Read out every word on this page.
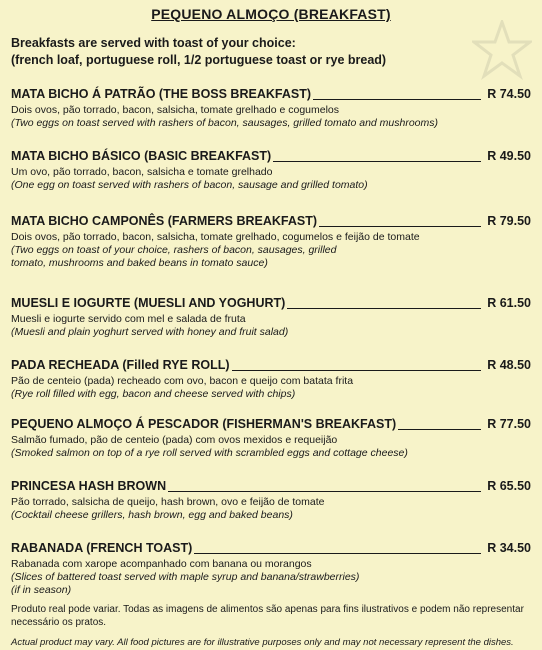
PEQUENO ALMOÇO (BREAKFAST)
Breakfasts are served with toast of your choice:
(french loaf, portuguese roll, 1/2 portuguese toast or rye bread)
MATA BICHO Á PATRÃO (THE BOSS BREAKFAST)	R 74.50
Dois ovos, pão torrado, bacon, salsicha, tomate grelhado e cogumelos
(Two eggs on toast served with rashers of bacon, sausages, grilled tomato and mushrooms)
MATA BICHO BÁSICO (BASIC BREAKFAST)	R 49.50
Um ovo, pão torrado, bacon, salsicha e tomate grelhado
(One egg on toast served with rashers of bacon, sausage and grilled tomato)
MATA BICHO CAMPONÊS (FARMERS BREAKFAST)	R 79.50
Dois ovos, pão torrado, bacon, salsicha, tomate grelhado, cogumelos e feijão de tomate
(Two eggs on toast of your choice, rashers of bacon, sausages, grilled tomato, mushrooms and baked beans in tomato sauce)
MUESLI E IOGURTE (MUESLI AND YOGHURT)	R 61.50
Muesli e iogurte servido com mel e salada de fruta
(Muesli and plain yoghurt served with honey and fruit salad)
PADA RECHEADA (Filled RYE ROLL)	R 48.50
Pão de centeio (pada) recheado com ovo, bacon e queijo com batata frita
(Rye roll filled with egg, bacon and cheese served with chips)
PEQUENO ALMOÇO Á PESCADOR (FISHERMAN'S BREAKFAST)	R 77.50
Salmão fumado, pão de centeio (pada) com ovos mexidos e requeijão
(Smoked salmon on top of a rye roll served with scrambled eggs and cottage cheese)
PRINCESA HASH BROWN	R 65.50
Pão torrado, salsicha de queijo, hash brown, ovo e feijão de tomate
(Cocktail cheese grillers, hash brown, egg and baked beans)
RABANADA (FRENCH TOAST)	R 34.50
Rabanada com xarope acompanhado com banana ou morangos
(Slices of battered toast served with maple syrup and banana/strawberries)
(if in season)
Produto real pode variar. Todas as imagens de alimentos são apenas para fins ilustrativos e podem não representar necessário os pratos.
Actual product may vary. All food pictures are for illustrative purposes only and may not necessary represent the dishes.
